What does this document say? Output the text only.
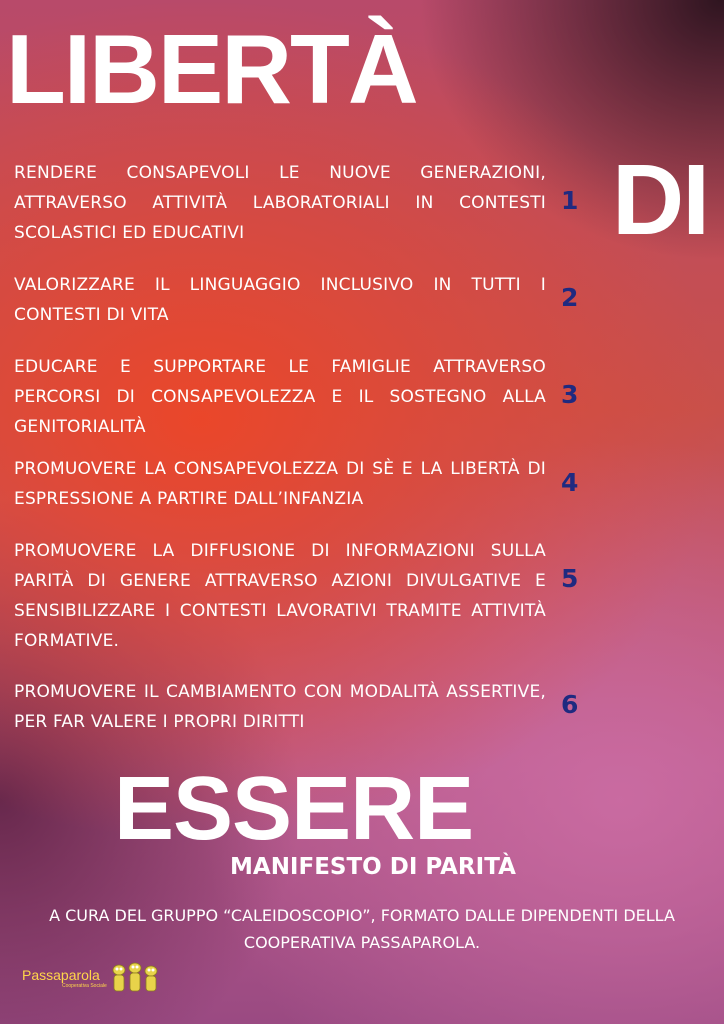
LIBERTÀ
DI
RENDERE CONSAPEVOLI LE NUOVE GENERAZIONI, ATTRAVERSO ATTIVITÀ LABORATORIALI IN CONTESTI SCOLASTICI ED EDUCATIVI
1
VALORIZZARE IL LINGUAGGIO INCLUSIVO IN TUTTI I CONTESTI DI VITA
2
EDUCARE E SUPPORTARE LE FAMIGLIE ATTRAVERSO PERCORSI DI CONSAPEVOLEZZA E IL SOSTEGNO ALLA GENITORIALITÀ
3
PROMUOVERE LA CONSAPEVOLEZZA DI SÈ E LA LIBERTÀ DI ESPRESSIONE A PARTIRE DALL’INFANZIA
4
PROMUOVERE LA DIFFUSIONE DI INFORMAZIONI SULLA PARITÀ DI GENERE ATTRAVERSO AZIONI DIVULGATIVE E SENSIBILIZZARE I CONTESTI LAVORATIVI TRAMITE ATTIVITÀ FORMATIVE.
5
PROMUOVERE IL CAMBIAMENTO CON MODALITÀ ASSERTIVE, PER FAR VALERE I PROPRI DIRITTI
6
ESSERE
MANIFESTO DI PARITÀ
A CURA DEL GRUPPO “CALEIDOSCOPIO”, FORMATO DALLE DIPENDENTI DELLA COOPERATIVA PASSAPAROLA.
Passaparola
Cooperativa Sociale
